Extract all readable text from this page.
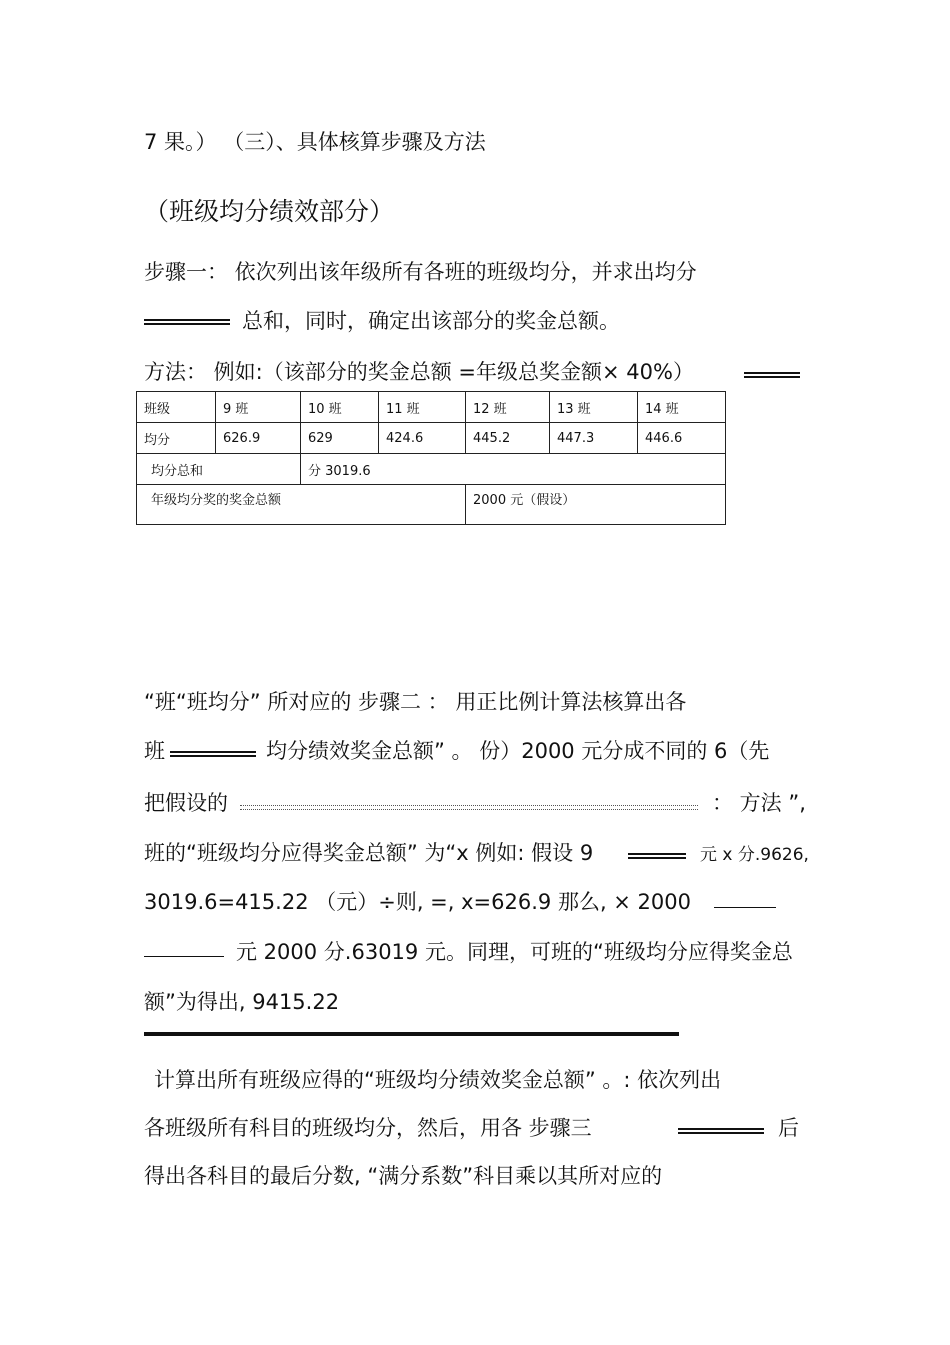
7 果。） （三）、具体核算步骤及方法
（班级均分绩效部分）
步骤一： 依次列出该年级所有各班的班级均分，并求出均分
总和，同时，确定出该部分的奖金总额。
方法： 例如:（该部分的奖金总额 =年级总奖金额× 40%）
班级	9 班	10 班	11 班	12 班	13 班	14 班
均分	626.9	629	424.6	445.2	447.3	446.6
均分总和		分 3019.6				
年级均分奖的奖金总额				2000 元（假设）		
“班“班均分” 所对应的 步骤二 ： 用正比例计算法核算出各
班	均分绩效奖金总额” 。 份）2000 元分成不同的 6（先
把假设的	： 方法 ”,
班的“班级均分应得奖金总额” 为“x 例如: 假设 9	元 x 分.9626,
3019.6=415.22 （元）÷则, =, x=626.9 那么, × 2000
元 2000 分.63019 元。同理，可班的“班级均分应得奖金总
额”为得出, 9415.22
计算出所有班级应得的“班级均分绩效奖金总额” 。: 依次列出
各班级所有科目的班级均分，然后，用各 步骤三	后
得出各科目的最后分数, “满分系数”科目乘以其所对应的
